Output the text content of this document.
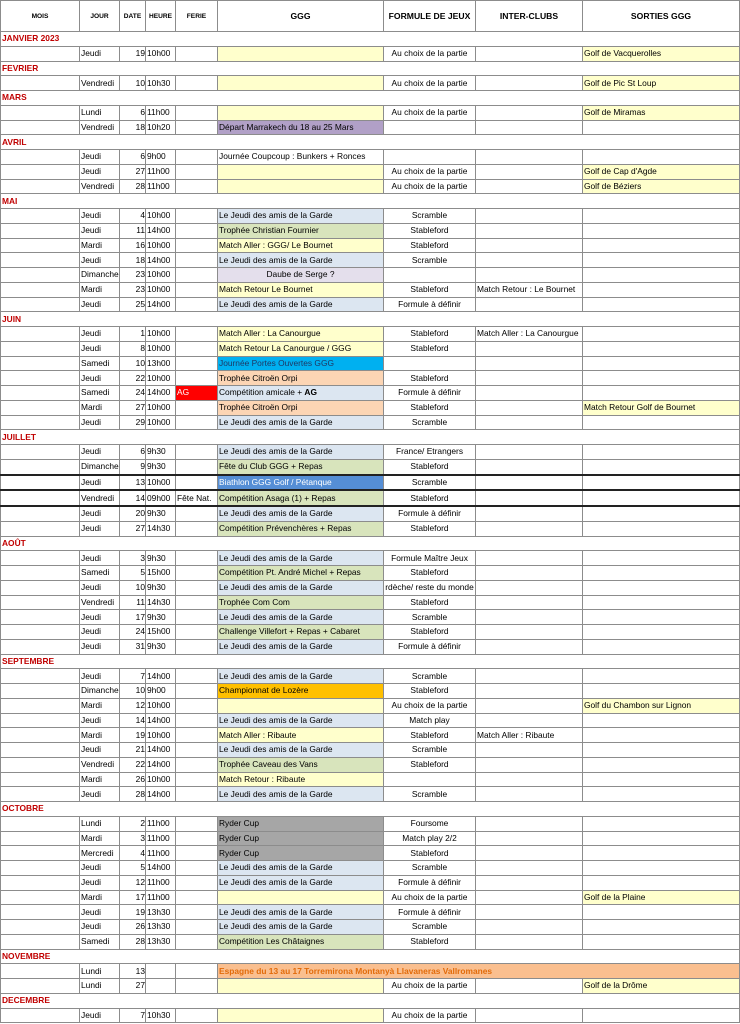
MOIS	JOUR	DATE	HEURE	FERIE	GGG	FORMULE DE JEUX	INTER-CLUBS	SORTIES GGG
JANVIER 2023								
	Jeudi	19	10h00			Au choix de la partie		Golf de Vacquerolles
FEVRIER								
	Vendredi	10	10h30			Au choix de la partie		Golf de Pic St Loup
MARS								
	Lundi	6	11h00			Au choix de la partie		Golf de Miramas
	Vendredi	18	10h20		Départ Marrakech du 18 au 25 Mars			
AVRIL								
	Jeudi	6	9h00		Journée Coupcoup : Bunkers + Ronces			
	Jeudi	27	11h00			Au choix de la partie		Golf de Cap d'Agde
	Vendredi	28	11h00			Au choix de la partie		Golf de Béziers
MAI								
	Jeudi	4	10h00		Le Jeudi des amis de la Garde	Scramble		
	Jeudi	11	14h00		Trophée Christian Fournier	Stableford		
	Mardi	16	10h00		Match Aller : GGG/ Le Bournet	Stableford		
	Jeudi	18	14h00		Le Jeudi des amis de la Garde	Scramble		
	Dimanche	23	10h00		Daube de Serge ?			
	Mardi	23	10h00		Match Retour Le Bournet	Stableford	Match Retour : Le Bournet	
	Jeudi	25	14h00		Le Jeudi des amis de la Garde	Formule à définir		
JUIN								
	Jeudi	1	10h00		Match Aller : La Canourgue	Stableford	Match Aller : La Canourgue	
	Jeudi	8	10h00		Match Retour La Canourgue / GGG	Stableford		
	Samedi	10	13h00		Journée Portes Ouvertes GGG			
	Jeudi	22	10h00		Trophée Citroën Orpi	Stableford		
	Samedi	24	14h00	AG	Compétition amicale + AG	Formule à définir		
	Mardi	27	10h00		Trophée Citroën Orpi	Stableford		Match Retour Golf de Bournet
	Jeudi	29	10h00		Le Jeudi des amis de la Garde	Scramble		
JUILLET								
	Jeudi	6	9h30		Le Jeudi des amis de la Garde	France/ Etrangers		
	Dimanche	9	9h30		Fête du Club GGG + Repas	Stableford		
	Jeudi	13	10h00		Biathlon GGG Golf / Pétanque	Scramble		
	Vendredi	14	09h00	Fête Nat.	Compétition Asaga (1) + Repas	Stableford		
	Jeudi	20	9h30		Le Jeudi des amis de la Garde	Formule à définir		
	Jeudi	27	14h30		Compétition Prévenchères + Repas	Stableford		
AOÛT								
	Jeudi	3	9h30		Le Jeudi des amis de la Garde	Formule Maître Jeux		
	Samedi	5	15h00		Compétition Pt. André Michel + Repas	Stableford		
	Jeudi	10	9h30		Le Jeudi des amis de la Garde	rdèche/ reste du monde		
	Vendredi	11	14h30		Trophée Com Com	Stableford		
	Jeudi	17	9h30		Le Jeudi des amis de la Garde	Scramble		
	Jeudi	24	15h00		Challenge Villefort + Repas + Cabaret	Stableford		
	Jeudi	31	9h30		Le Jeudi des amis de la Garde	Formule à définir		
SEPTEMBRE								
	Jeudi	7	14h00		Le Jeudi des amis de la Garde	Scramble		
	Dimanche	10	9h00		Championnat de Lozère	Stableford		
	Mardi	12	10h00			Au choix de la partie		Golf du Chambon sur Lignon
	Jeudi	14	14h00		Le Jeudi des amis de la Garde	Match play		
	Mardi	19	10h00		Match Aller : Ribaute	Stableford	Match Aller : Ribaute	
	Jeudi	21	14h00		Le Jeudi des amis de la Garde	Scramble		
	Vendredi	22	14h00		Trophée Caveau des Vans	Stableford		
	Mardi	26	10h00		Match Retour : Ribaute			
	Jeudi	28	14h00		Le Jeudi des amis de la Garde	Scramble		
OCTOBRE								
	Lundi	2	11h00		Ryder Cup	Foursome		
	Mardi	3	11h00		Ryder Cup	Match play 2/2		
	Mercredi	4	11h00		Ryder Cup	Stableford		
	Jeudi	5	14h00		Le Jeudi des amis de la Garde	Scramble		
	Jeudi	12	11h00		Le Jeudi des amis de la Garde	Formule à définir		
	Mardi	17	11h00			Au choix de la partie		Golf de la Plaine
	Jeudi	19	13h30		Le Jeudi des amis de la Garde	Formule à définir		
	Jeudi	26	13h30		Le Jeudi des amis de la Garde	Scramble		
	Samedi	28	13h30		Compétition Les Châtaignes	Stableford		
NOVEMBRE								
	Lundi	13			Espagne du 13 au 17 Torremirona Montanyà Llavaneras Vallromanes			
	Lundi	27				Au choix de la partie		Golf de la Drôme
DECEMBRE								
	Jeudi	7	10h30			Au choix de la partie		
